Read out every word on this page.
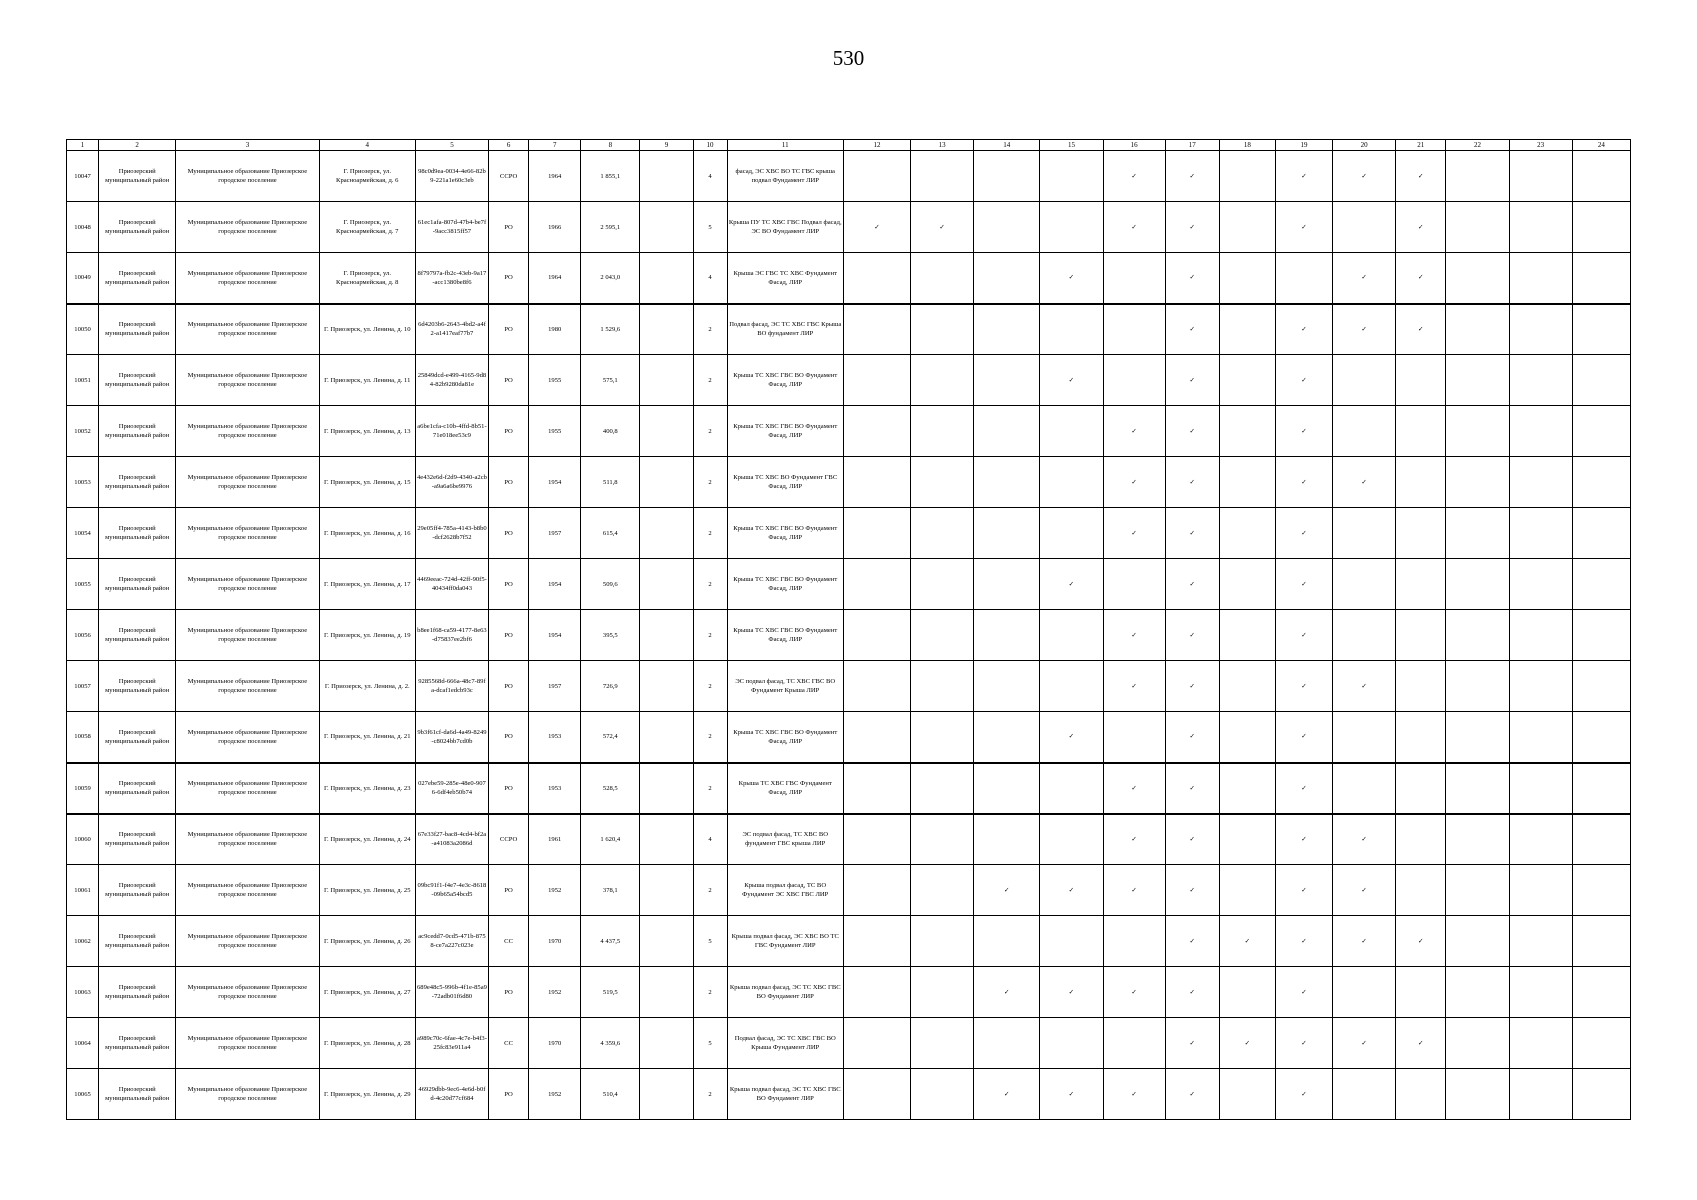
530
1	2	3	4	5	6	7	8	9	10	11	12	13	14	15	16	17	18	19	20	21	22	23	24
10047	Приозерский муниципальный район	Муниципальное образование Приозерское городское поселение	Г. Приозерск, ул. Красноармейская, д. 6	98c0d9ea-0034-4e66-82b9-221a1e60c3eb	ССРО	1964	1 855,1		4	фасад, ЭС ХВС ВО ТС ГВС крыша подвал Фундамент ЛИР					✓	✓		✓	✓	✓			
10048	Приозерский муниципальный район	Муниципальное образование Приозерское городское поселение	Г. Приозерск, ул. Красноармейская, д. 7	61ec1afa-807d-47b4-be7f-9acc3815ff57	РО	1966	2 595,1		5	Крыша ПУ ТС ХВС ГВС Подвал фасад, ЭС ВО Фундамент ЛИР	✓	✓			✓	✓		✓		✓			
10049	Приозерский муниципальный район	Муниципальное образование Приозерское городское поселение	Г. Приозерск, ул. Красноармейская, д. 8	8f79797a-fb2c-43eb-9a17-acc1380be8f6	РО	1964	2 043,0		4	Крыша ЭС ГВС ТС ХВС Фундамент Фасад, ЛИР				✓		✓			✓	✓			
10050	Приозерский муниципальный район	Муниципальное образование Приозерское городское поселение	Г. Приозерск, ул. Ленина, д. 10	6d4203b6-2643-4bd2-a4f2-a1417eaf77b7	РО	1980	1 529,6		2	Подвал фасад, ЭС ТС ХВС ГВС Крыша ВО фундамент ЛИР						✓		✓	✓	✓			
10051	Приозерский муниципальный район	Муниципальное образование Приозерское городское поселение	Г. Приозерск, ул. Ленина, д. 11	25849dcd-e499-4165-9d84-82b9280da81e	РО	1955	575,1		2	Крыша ТС ХВС ГВС ВО Фундамент Фасад, ЛИР				✓		✓		✓					
10052	Приозерский муниципальный район	Муниципальное образование Приозерское городское поселение	Г. Приозерск, ул. Ленина, д. 13	a6be1cfa-c10b-4ffd-8b51-71e018ee53c9	РО	1955	400,8		2	Крыша ТС ХВС ГВС ВО Фундамент Фасад, ЛИР					✓	✓		✓					
10053	Приозерский муниципальный район	Муниципальное образование Приозерское городское поселение	Г. Приозерск, ул. Ленина, д. 15	4e432e6d-f2d9-4340-a2cb-a9a6a6be9976	РО	1954	511,8		2	Крыша ТС ХВС ВО Фундамент ГВС Фасад, ЛИР					✓	✓		✓	✓				
10054	Приозерский муниципальный район	Муниципальное образование Приозерское городское поселение	Г. Приозерск, ул. Ленина, д. 16	29e05ff4-785a-4143-b8b0-dcf2628b7f52	РО	1957	615,4		2	Крыша ТС ХВС ГВС ВО Фундамент Фасад, ЛИР					✓	✓		✓					
10055	Приозерский муниципальный район	Муниципальное образование Приозерское городское поселение	Г. Приозерск, ул. Ленина, д. 17	4469eeac-724d-42ff-90f5-40434ff0da043	РО	1954	509,6		2	Крыша ТС ХВС ГВС ВО Фундамент Фасад, ЛИР				✓		✓		✓					
10056	Приозерский муниципальный район	Муниципальное образование Приозерское городское поселение	Г. Приозерск, ул. Ленина, д. 19	b8ee1f68-ca59-4177-8e63-d75837ee2bf6	РО	1954	395,5		2	Крыша ТС ХВС ГВС ВО Фундамент Фасад, ЛИР					✓	✓		✓					
10057	Приозерский муниципальный район	Муниципальное образование Приозерское городское поселение	Г. Приозерск, ул. Ленина, д. 2.	9285568d-666a-48c7-89fa-dcaf1edcb93c	РО	1957	726,9		2	ЭС подвал фасад, ТС ХВС ГВС ВО Фундамент Крыша ЛИР					✓	✓		✓	✓				
10058	Приозерский муниципальный район	Муниципальное образование Приозерское городское поселение	Г. Приозерск, ул. Ленина, д. 21	9b3f61cf-da6d-4a49-8249-c8024bb7cd0b	РО	1953	572,4		2	Крыша ТС ХВС ГВС ВО Фундамент Фасад, ЛИР				✓		✓		✓					
10059	Приозерский муниципальный район	Муниципальное образование Приозерское городское поселение	Г. Приозерск, ул. Ленина, д. 23	027ebe59-285e-48e0-9076-6df4eb50b74	РО	1953	528,5		2	Крыша ТС ХВС ГВС Фундамент Фасад, ЛИР					✓	✓		✓					
10060	Приозерский муниципальный район	Муниципальное образование Приозерское городское поселение	Г. Приозерск, ул. Ленина, д. 24	67e33f27-bac8-4cd4-bf2a-a41083a2086d	ССРО	1961	1 620,4		4	ЭС подвал фасад, ТС ХВС ВО фундамент ГВС крыша ЛИР					✓	✓		✓	✓				
10061	Приозерский муниципальный район	Муниципальное образование Приозерское городское поселение	Г. Приозерск, ул. Ленина, д. 25	09bc91f1-f4e7-4e3c-8618-09b65a54bcd5	РО	1952	378,1		2	Крыша подвал фасад, ТС ВО Фундамент ЭС ХВС ГВС ЛИР			✓	✓	✓	✓		✓	✓				
10062	Приозерский муниципальный район	Муниципальное образование Приозерское городское поселение	Г. Приозерск, ул. Ленина, д. 26	ac9cedd7-0cd5-471b-8758-ce7a227c023e	СС	1970	4 437,5		5	Крыша подвал фасад, ЭС ХВС ВО ТС ГВС Фундамент ЛИР						✓	✓	✓	✓	✓			
10063	Приозерский муниципальный район	Муниципальное образование Приозерское городское поселение	Г. Приозерск, ул. Ленина, д. 27	689e48c5-996b-4f1e-85a9-72adb01f6d80	РО	1952	519,5		2	Крыша подвал фасад, ЭС ТС ХВС ГВС ВО Фундамент ЛИР			✓	✓	✓	✓		✓					
10064	Приозерский муниципальный район	Муниципальное образование Приозерское городское поселение	Г. Приозерск, ул. Ленина, д. 28	a989c70c-6fae-4c7e-b4f3-25fc83e911a4	СС	1970	4 359,6		5	Подвал фасад, ЭС ТС ХВС ГВС ВО Крыша Фундамент ЛИР						✓	✓	✓	✓	✓			
10065	Приозерский муниципальный район	Муниципальное образование Приозерское городское поселение	Г. Приозерск, ул. Ленина, д. 29	46929dbb-9ec6-4e6d-b0fd-4c20d77cf684	РО	1952	510,4		2	Крыша подвал фасад, ЭС ТС ХВС ГВС ВО Фундамент ЛИР			✓	✓	✓	✓		✓					
